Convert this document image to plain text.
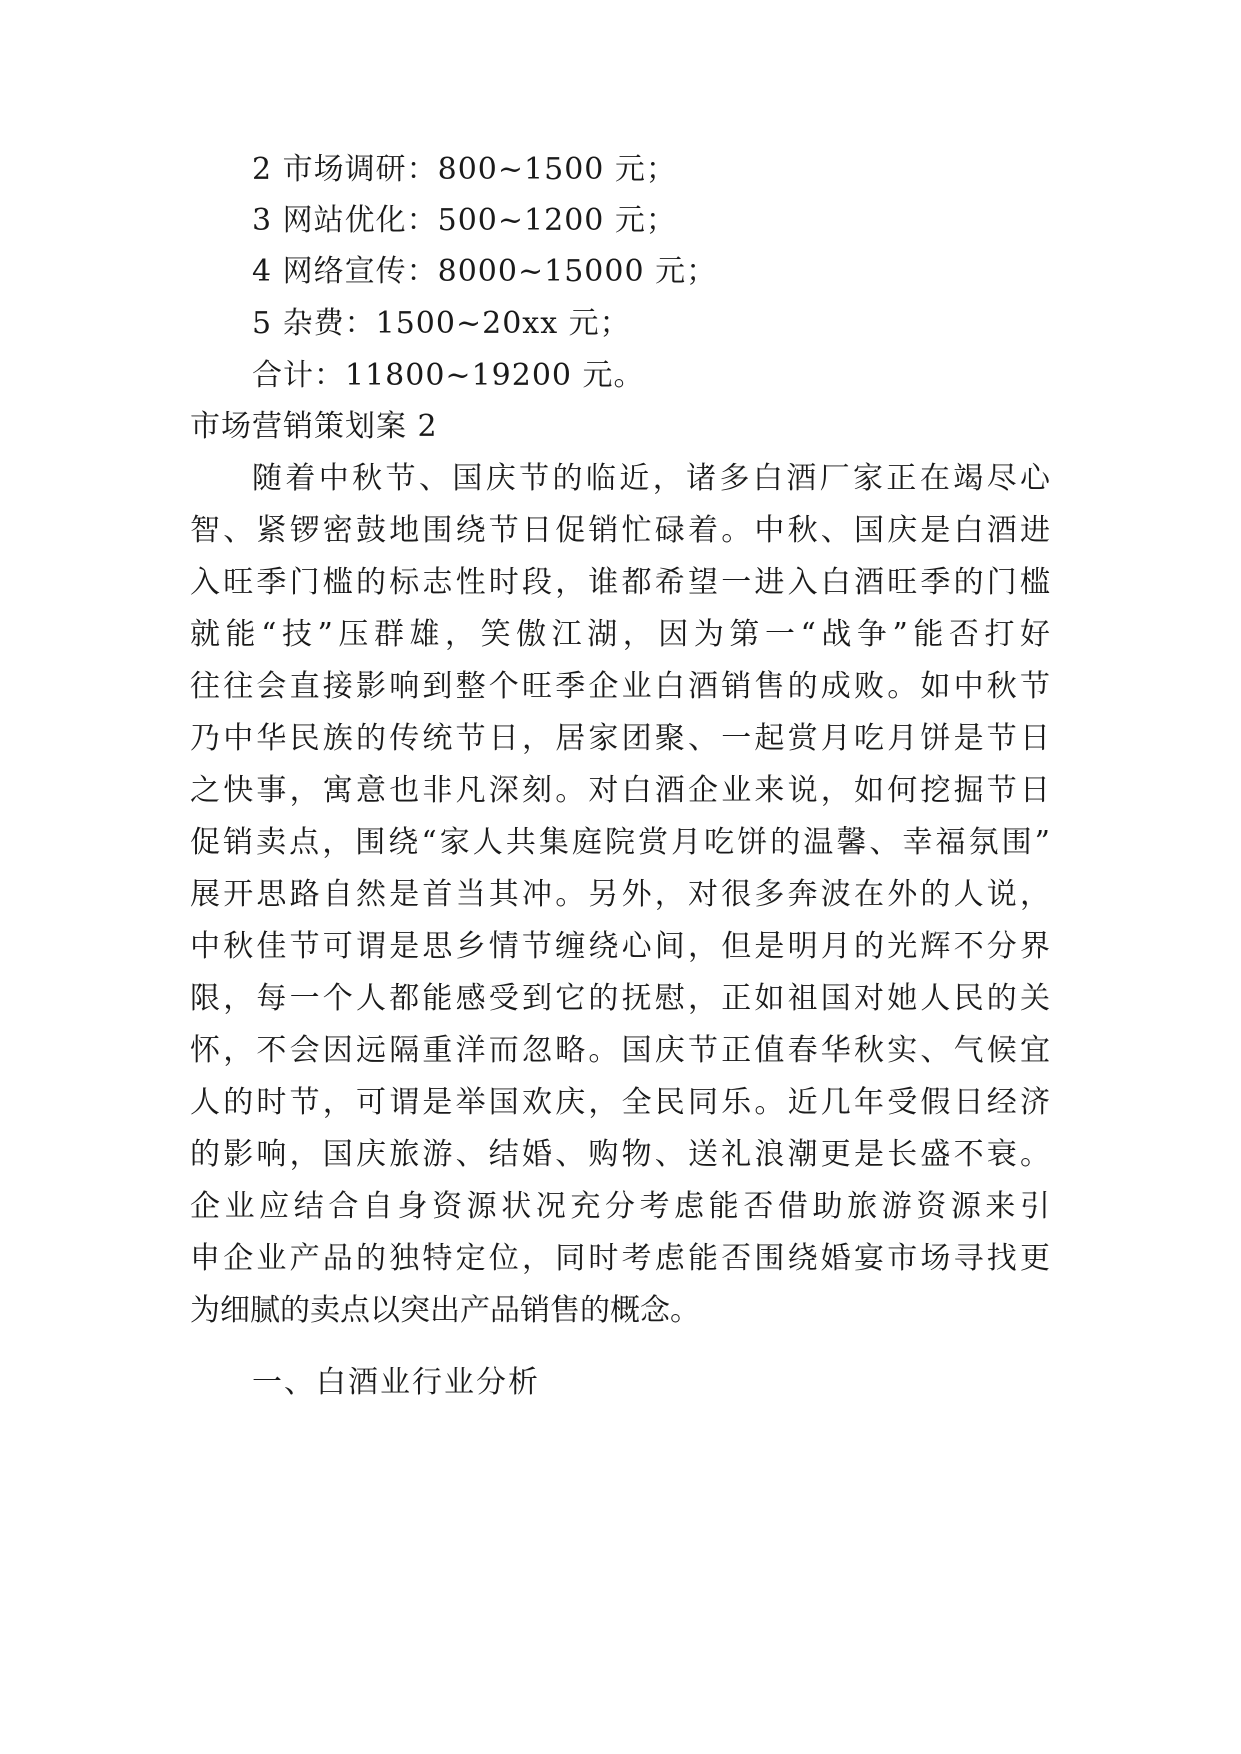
2 市场调研：800~1500 元；
3 网站优化：500~1200 元；
4 网络宣传：8000~15000 元；
5 杂费：1500~20xx 元；
合计：11800~19200 元。
市场营销策划案 2
随着中秋节、国庆节的临近，诸多白酒厂家正在竭尽心
智、紧锣密鼓地围绕节日促销忙碌着。中秋、国庆是白酒进
入旺季门槛的标志性时段，谁都希望一进入白酒旺季的门槛
就能“技”压群雄，笑傲江湖，因为第一“战争”能否打好
往往会直接影响到整个旺季企业白酒销售的成败。如中秋节
乃中华民族的传统节日，居家团聚、一起赏月吃月饼是节日
之快事，寓意也非凡深刻。对白酒企业来说，如何挖掘节日
促销卖点，围绕“家人共集庭院赏月吃饼的温馨、幸福氛围”
展开思路自然是首当其冲。另外，对很多奔波在外的人说，
中秋佳节可谓是思乡情节缠绕心间，但是明月的光辉不分界
限，每一个人都能感受到它的抚慰，正如祖国对她人民的关
怀，不会因远隔重洋而忽略。国庆节正值春华秋实、气候宜
人的时节，可谓是举国欢庆，全民同乐。近几年受假日经济
的影响，国庆旅游、结婚、购物、送礼浪潮更是长盛不衰。
企业应结合自身资源状况充分考虑能否借助旅游资源来引
申企业产品的独特定位，同时考虑能否围绕婚宴市场寻找更
为细腻的卖点以突出产品销售的概念。
一、白酒业行业分析
